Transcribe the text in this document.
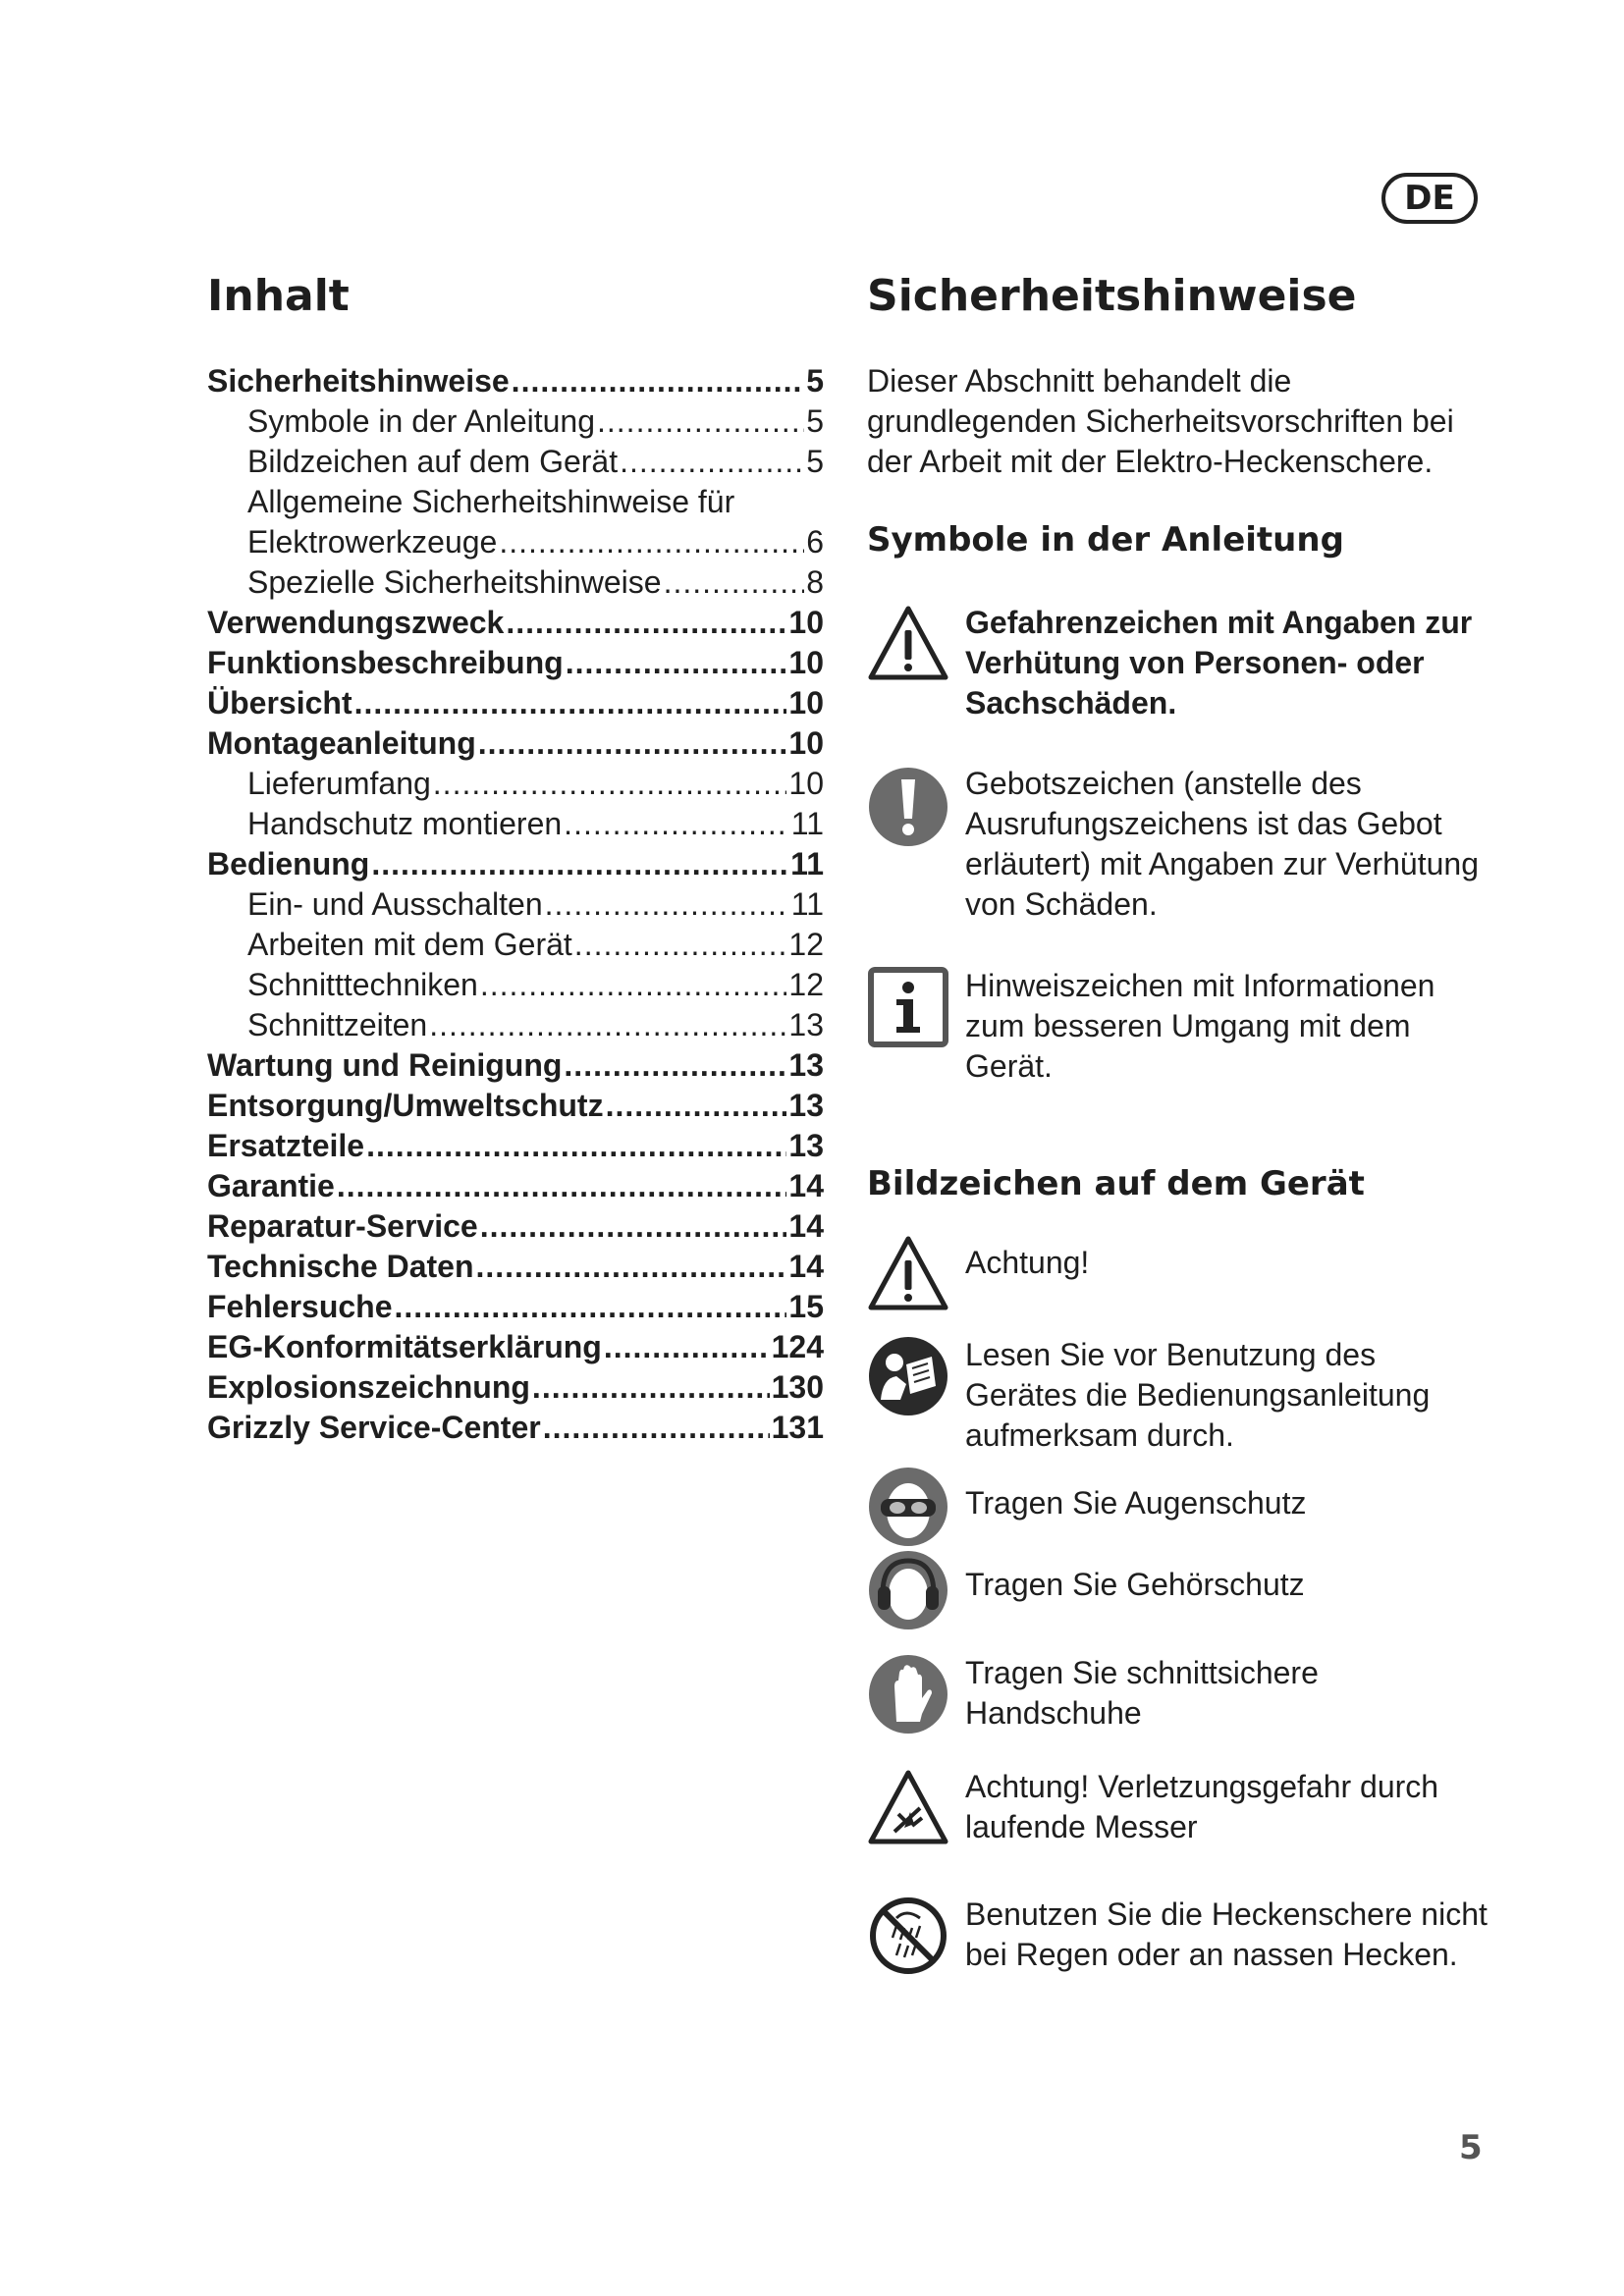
DE
Inhalt
Sicherheitshinweise .....	5
Symbole in der Anleitung .....	5
Bildzeichen auf dem Gerät .....	5
Allgemeine Sicherheitshinweise für
Elektrowerkzeuge .....	6
Spezielle Sicherheitshinweise .....	8
Verwendungszweck .....	10
Funktionsbeschreibung .....	10
Übersicht .....	10
Montageanleitung .....	10
Lieferumfang .....	10
Handschutz montieren .....	11
Bedienung .....	11
Ein- und Ausschalten .....	11
Arbeiten mit dem Gerät .....	12
Schnitttechniken .....	12
Schnittzeiten .....	13
Wartung und Reinigung .....	13
Entsorgung/Umweltschutz .....	13
Ersatzteile .....	13
Garantie .....	14
Reparatur-Service .....	14
Technische Daten .....	14
Fehlersuche .....	15
EG-Konformitätserklärung .....	124
Explosionszeichnung .....	130
Grizzly Service-Center .....	131
Sicherheitshinweise

Dieser Abschnitt behandelt die grundlegenden Sicherheitsvorschriften bei der Arbeit mit der Elektro-Heckenschere.

Symbole in der Anleitung
Gefahrenzeichen mit Angaben zur Verhütung von Personen- oder Sachschäden.
Gebotszeichen (anstelle des Ausrufungszeichens ist das Gebot erläutert) mit Angaben zur Verhütung von Schäden.
Hinweiszeichen mit Informationen zum besseren Umgang mit dem Gerät.
Bildzeichen auf dem Gerät
Achtung!
Lesen Sie vor Benutzung des Gerätes die Bedienungsanleitung aufmerksam durch.
Tragen Sie Augenschutz
Tragen Sie Gehörschutz
Tragen Sie schnittsichere Handschuhe
Achtung! Verletzungsgefahr durch laufende Messer
Benutzen Sie die Heckenschere nicht bei Regen oder an nassen Hecken.
5
